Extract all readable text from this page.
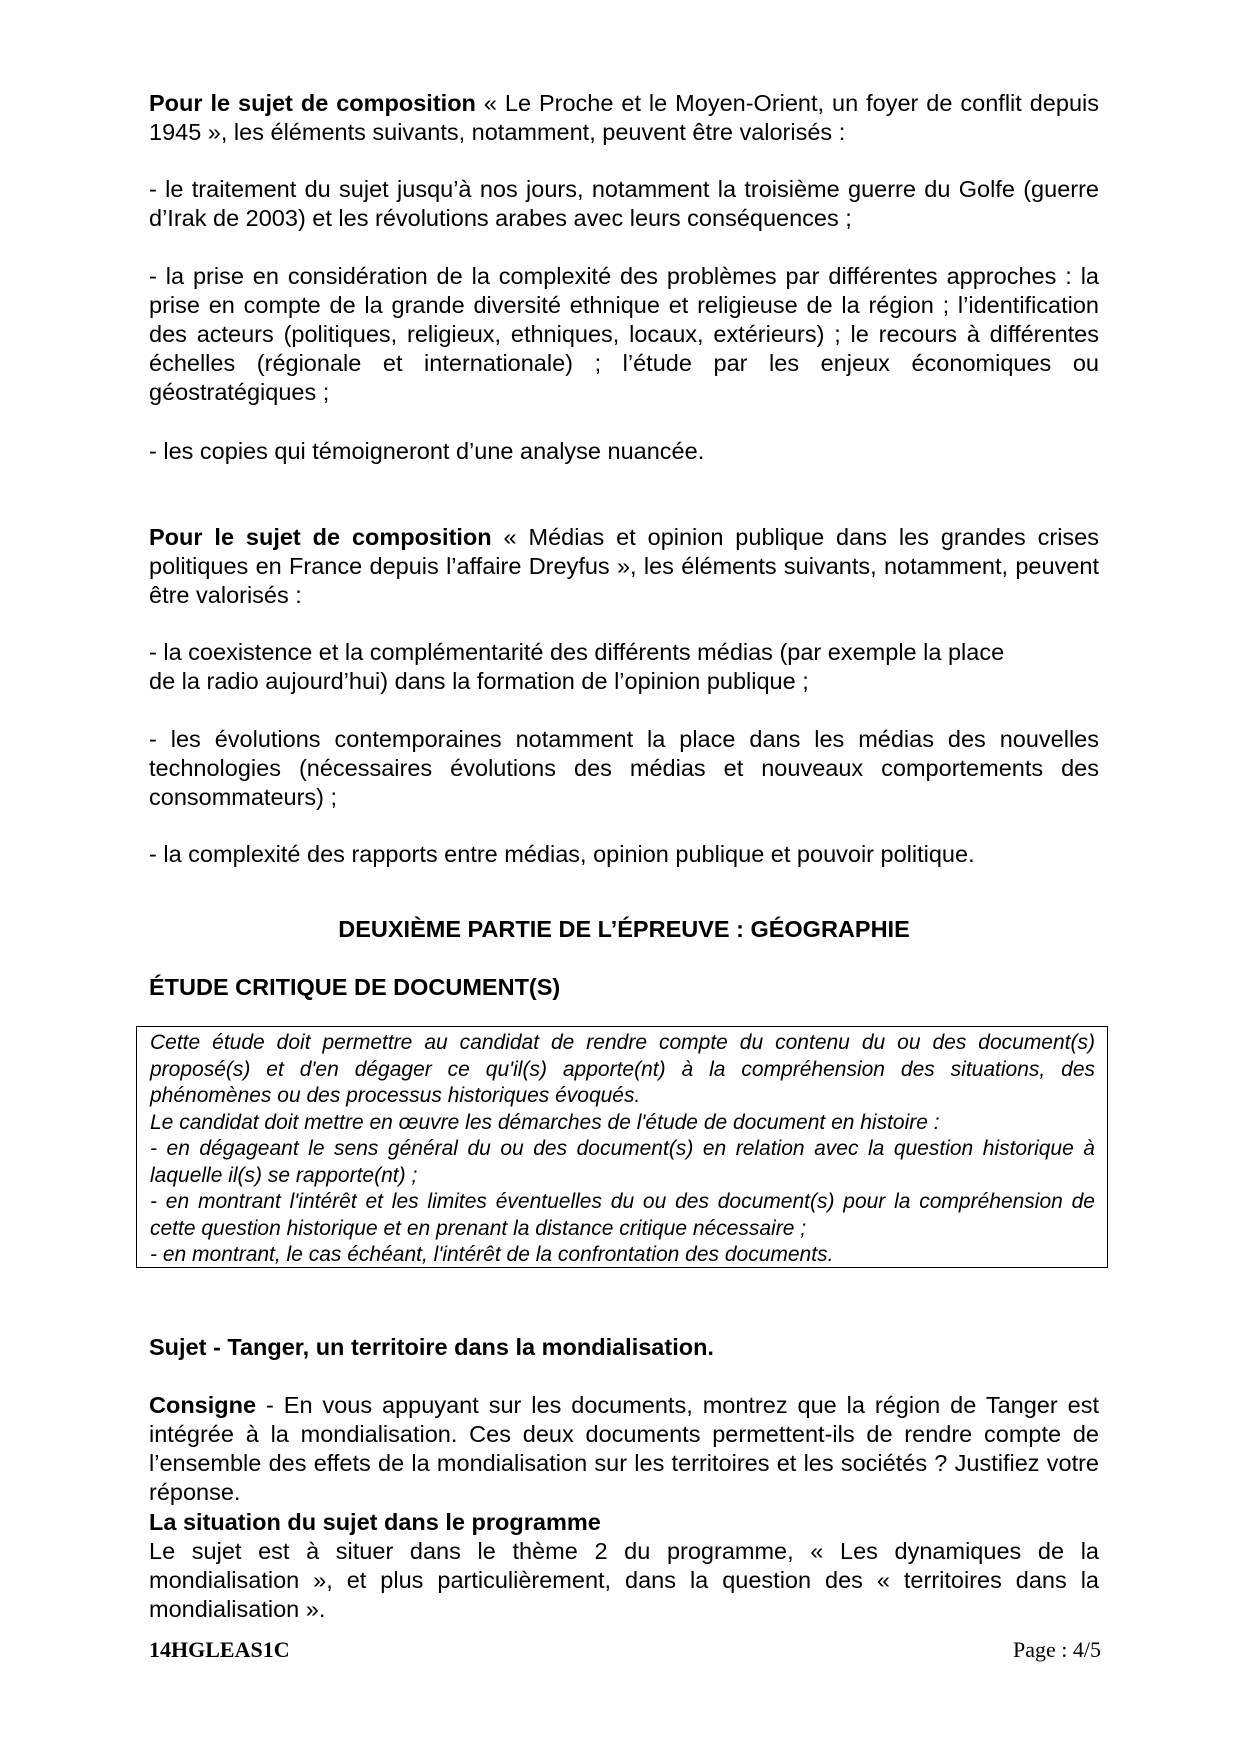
Pour le sujet de composition « Le Proche et le Moyen-Orient, un foyer de conflit depuis 1945 », les éléments suivants, notamment, peuvent être valorisés :

- le traitement du sujet jusqu’à nos jours, notamment la troisième guerre du Golfe (guerre d’Irak de 2003) et les révolutions arabes avec leurs conséquences ;

- la prise en considération de la complexité des problèmes par différentes approches : la prise en compte de la grande diversité ethnique et religieuse de la région ; l’identification des acteurs (politiques, religieux, ethniques, locaux, extérieurs) ; le recours à différentes échelles (régionale et internationale) ; l’étude par les enjeux économiques ou géostratégiques ;

- les copies qui témoigneront d’une analyse nuancée.

Pour le sujet de composition « Médias et opinion publique dans les grandes crises politiques en France depuis l’affaire Dreyfus », les éléments suivants, notamment, peuvent être valorisés :

- la coexistence et la complémentarité des différents médias (par exemple la place

de la radio aujourd’hui) dans la formation de l’opinion publique ;

- les évolutions contemporaines notamment la place dans les médias des nouvelles technologies (nécessaires évolutions des médias et nouveaux comportements des consommateurs) ;

- la complexité des rapports entre médias, opinion publique et pouvoir politique.

DEUXIÈME PARTIE DE L’ÉPREUVE : GÉOGRAPHIE

ÉTUDE CRITIQUE DE DOCUMENT(S)

Cette étude doit permettre au candidat de rendre compte du contenu du ou des document(s) proposé(s) et d'en dégager ce qu'il(s) apporte(nt) à la compréhension des situations, des phénomènes ou des processus historiques évoqués.

Le candidat doit mettre en œuvre les démarches de l'étude de document en histoire :

- en dégageant le sens général du ou des document(s) en relation avec la question historique à laquelle il(s) se rapporte(nt) ;

- en montrant l'intérêt et les limites éventuelles du ou des document(s) pour la compréhension de cette question historique et en prenant la distance critique nécessaire ;

- en montrant, le cas échéant, l'intérêt de la confrontation des documents.

Sujet - Tanger, un territoire dans la mondialisation.

Consigne - En vous appuyant sur les documents, montrez que la région de Tanger est intégrée à la mondialisation. Ces deux documents permettent-ils de rendre compte de l’ensemble des effets de la mondialisation sur les territoires et les sociétés ? Justifiez votre réponse.

La situation du sujet dans le programme

Le sujet est à situer dans le thème 2 du programme, « Les dynamiques de la mondialisation », et plus particulièrement, dans la question des « territoires dans la mondialisation ».

14HGLEAS1C	Page : 4/5
